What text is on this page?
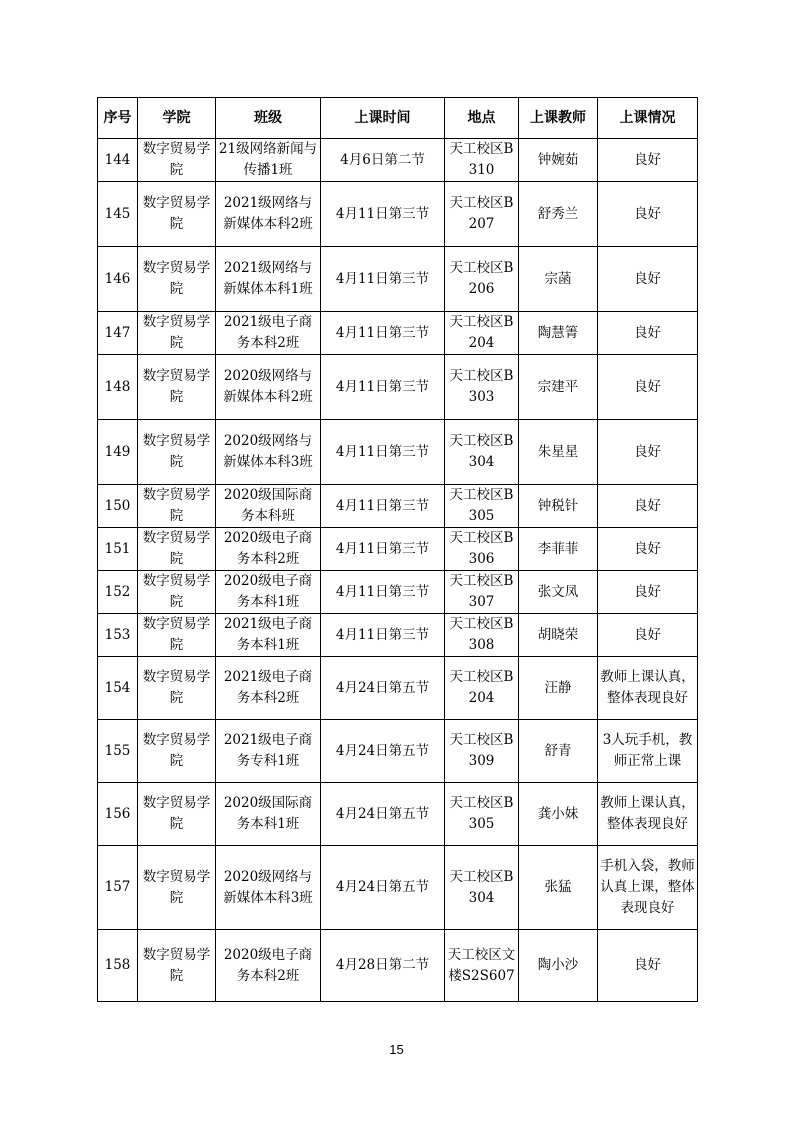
序号	学院	班级	上课时间	地点	上课教师	上课情况
144	数字贸易学院	21级网络新闻与传播1班	4月6日第二节	天工校区B310	钟婉茹	良好
145	数字贸易学院	2021级网络与新媒体本科2班	4月11日第三节	天工校区B207	舒秀兰	良好
146	数字贸易学院	2021级网络与新媒体本科1班	4月11日第三节	天工校区B206	宗菡	良好
147	数字贸易学院	2021级电子商务本科2班	4月11日第三节	天工校区B204	陶慧箐	良好
148	数字贸易学院	2020级网络与新媒体本科2班	4月11日第三节	天工校区B303	宗建平	良好
149	数字贸易学院	2020级网络与新媒体本科3班	4月11日第三节	天工校区B304	朱星星	良好
150	数字贸易学院	2020级国际商务本科班	4月11日第三节	天工校区B305	钟税针	良好
151	数字贸易学院	2020级电子商务本科2班	4月11日第三节	天工校区B306	李菲菲	良好
152	数字贸易学院	2020级电子商务本科1班	4月11日第三节	天工校区B307	张文凤	良好
153	数字贸易学院	2021级电子商务本科1班	4月11日第三节	天工校区B308	胡晓荣	良好
154	数字贸易学院	2021级电子商务本科2班	4月24日第五节	天工校区B204	汪静	教师上课认真，整体表现良好
155	数字贸易学院	2021级电子商务专科1班	4月24日第五节	天工校区B309	舒青	3人玩手机，教师正常上课
156	数字贸易学院	2020级国际商务本科1班	4月24日第五节	天工校区B305	龚小妹	教师上课认真，整体表现良好
157	数字贸易学院	2020级网络与新媒体本科3班	4月24日第五节	天工校区B304	张猛	手机入袋，教师认真上课，整体表现良好
158	数字贸易学院	2020级电子商务本科2班	4月28日第二节	天工校区文楼S2S607	陶小沙	良好
15
